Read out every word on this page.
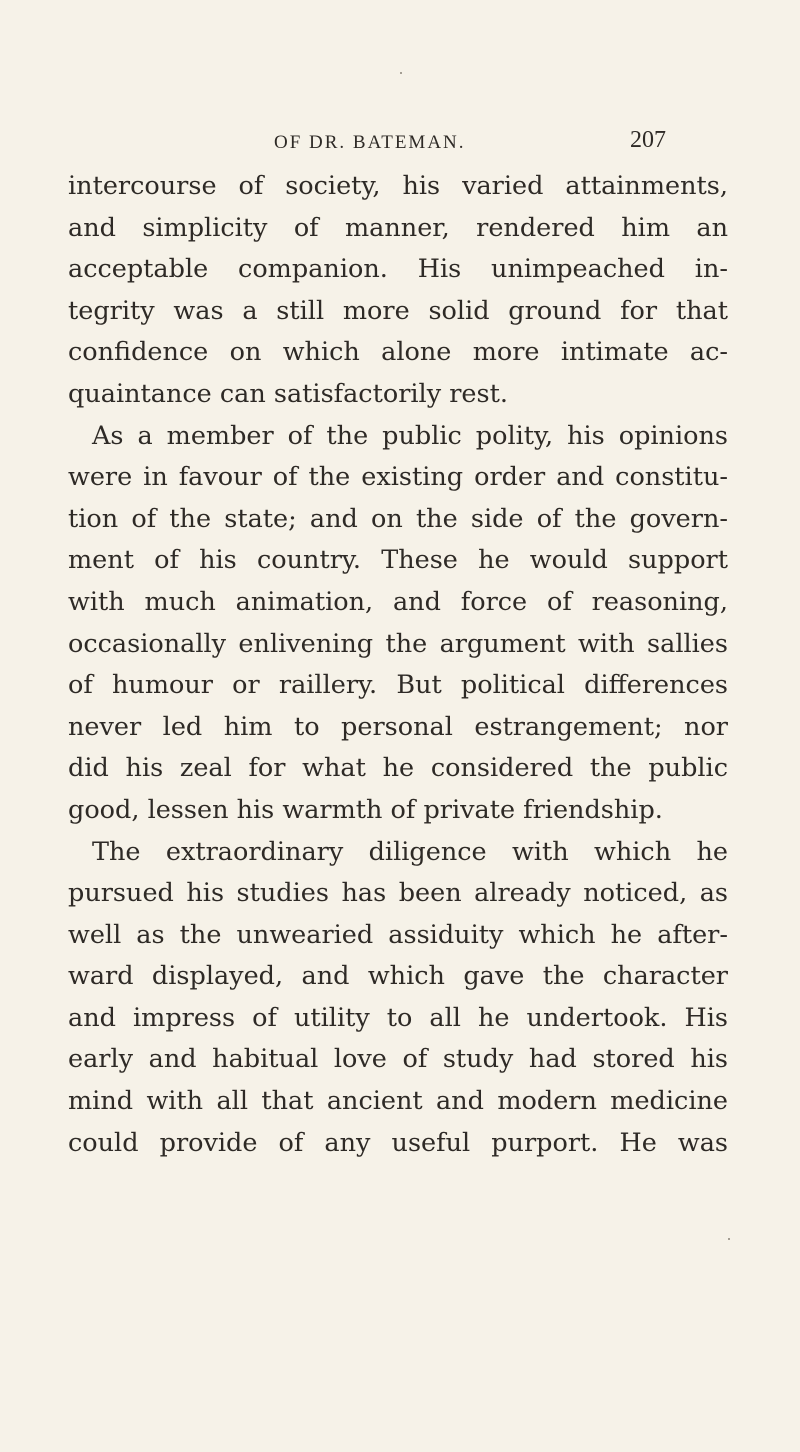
OF DR. BATEMAN.	207
intercourse of society, his varied attainments,
and simplicity of manner, rendered him an
acceptable companion. His unimpeached in-
tegrity was a still more solid ground for that
confidence on which alone more intimate ac-
quaintance can satisfactorily rest.
As a member of the public polity, his opinions
were in favour of the existing order and constitu-
tion of the state; and on the side of the govern-
ment of his country. These he would support
with much animation, and force of reasoning,
occasionally enlivening the argument with sallies
of humour or raillery. But political differences
never led him to personal estrangement; nor
did his zeal for what he considered the public
good, lessen his warmth of private friendship.
The extraordinary diligence with which he
pursued his studies has been already noticed, as
well as the unwearied assiduity which he after-
ward displayed, and which gave the character
and impress of utility to all he undertook. His
early and habitual love of study had stored his
mind with all that ancient and modern medicine
could provide of any useful purport. He was
